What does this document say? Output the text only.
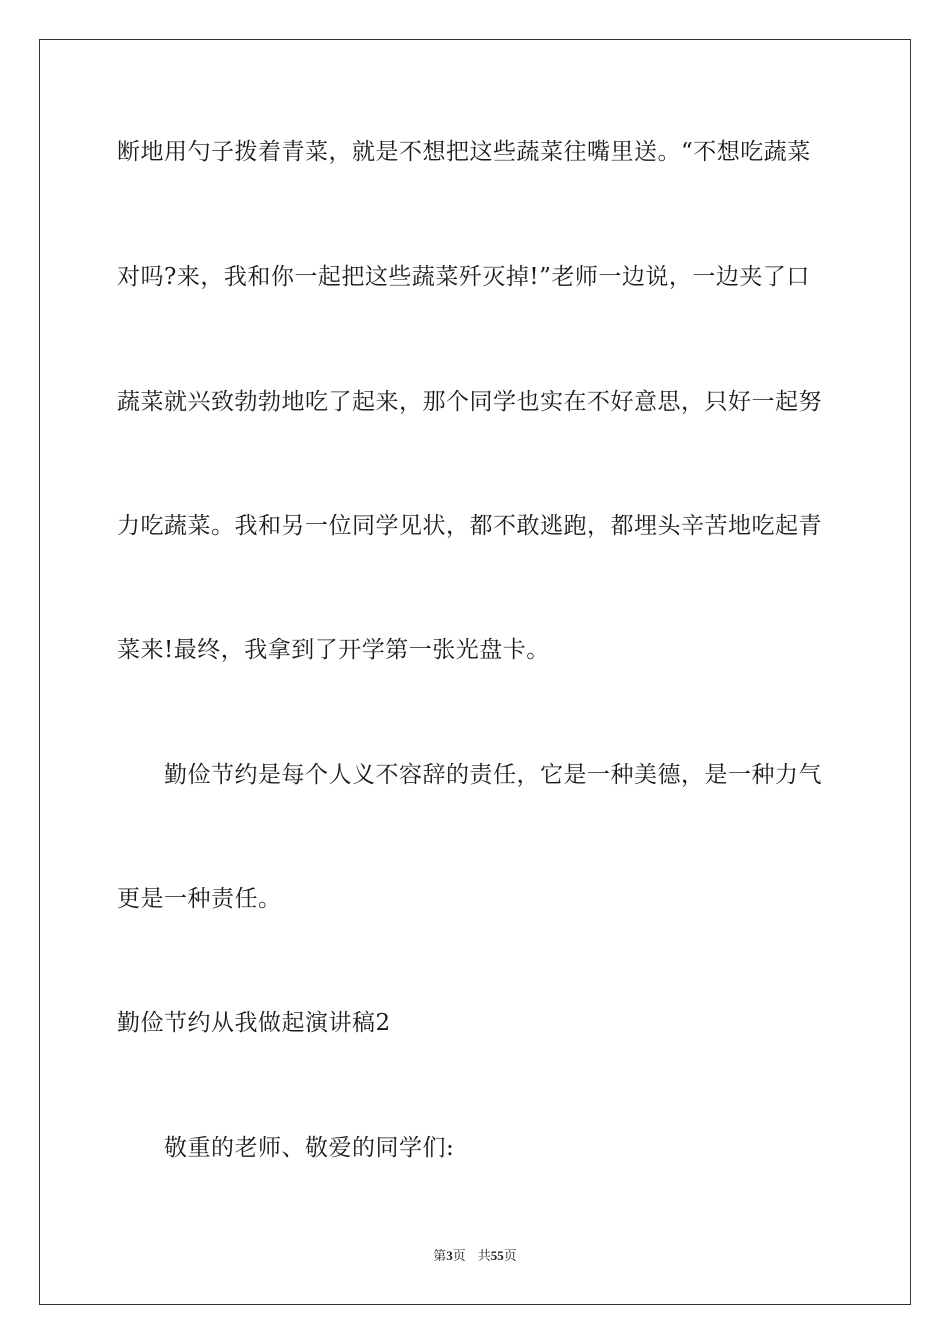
断地用勺子拨着青菜，就是不想把这些蔬菜往嘴里送。“不想吃蔬菜
对吗?来，我和你一起把这些蔬菜歼灭掉!”老师一边说，一边夹了口
蔬菜就兴致勃勃地吃了起来，那个同学也实在不好意思，只好一起努
力吃蔬菜。我和另一位同学见状，都不敢逃跑，都埋头辛苦地吃起青
菜来!最终，我拿到了开学第一张光盘卡。
勤俭节约是每个人义不容辞的责任，它是一种美德，是一种力气
更是一种责任。
勤俭节约从我做起演讲稿2
敬重的老师、敬爱的同学们:
第3页 共55页
